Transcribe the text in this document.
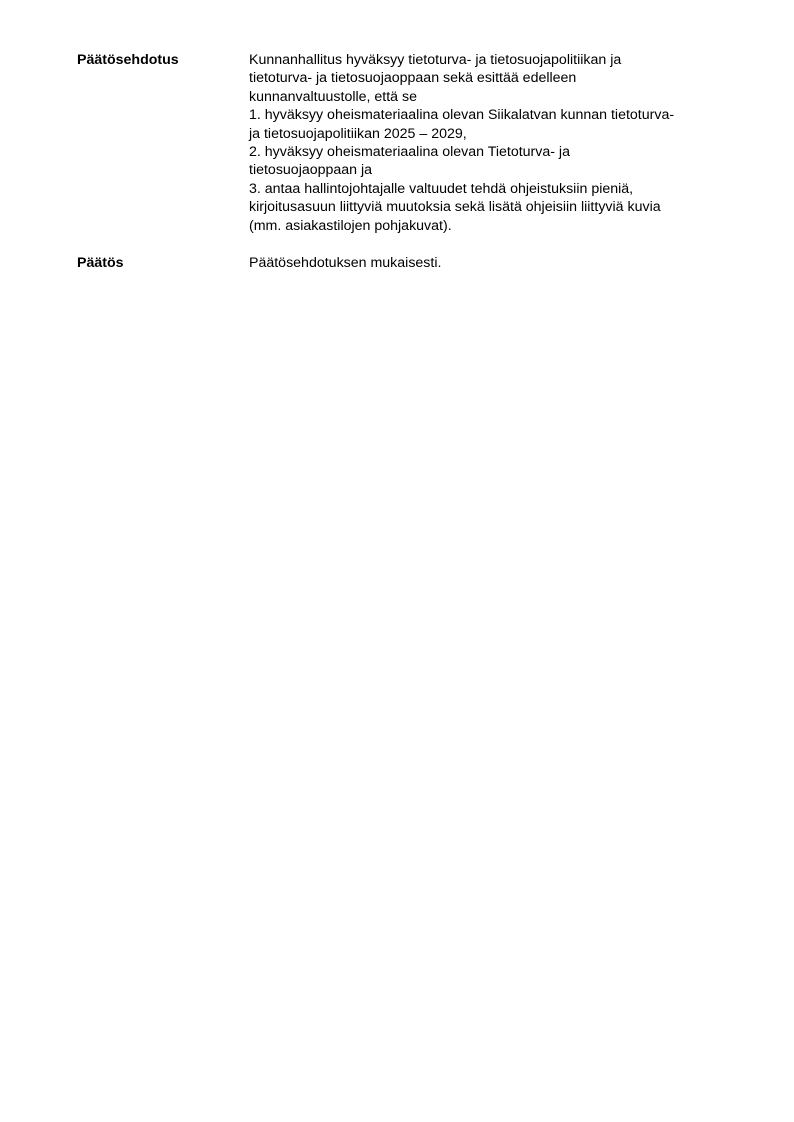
Päätösehdotus	Kunnanhallitus hyväksyy tietoturva- ja tietosuojapolitiikan ja
tietoturva- ja tietosuojaoppaan sekä esittää edelleen
kunnanvaltuustolle, että se
1. hyväksyy oheismateriaalina olevan Siikalatvan kunnan tietoturva-
ja tietosuojapolitiikan 2025 – 2029,
2. hyväksyy oheismateriaalina olevan Tietoturva- ja
tietosuojaoppaan ja
3. antaa hallintojohtajalle valtuudet tehdä ohjeistuksiin pieniä,
kirjoitusasuun liittyviä muutoksia sekä lisätä ohjeisiin liittyviä kuvia
(mm. asiakastilojen pohjakuvat).
Päätös	Päätösehdotuksen mukaisesti.
